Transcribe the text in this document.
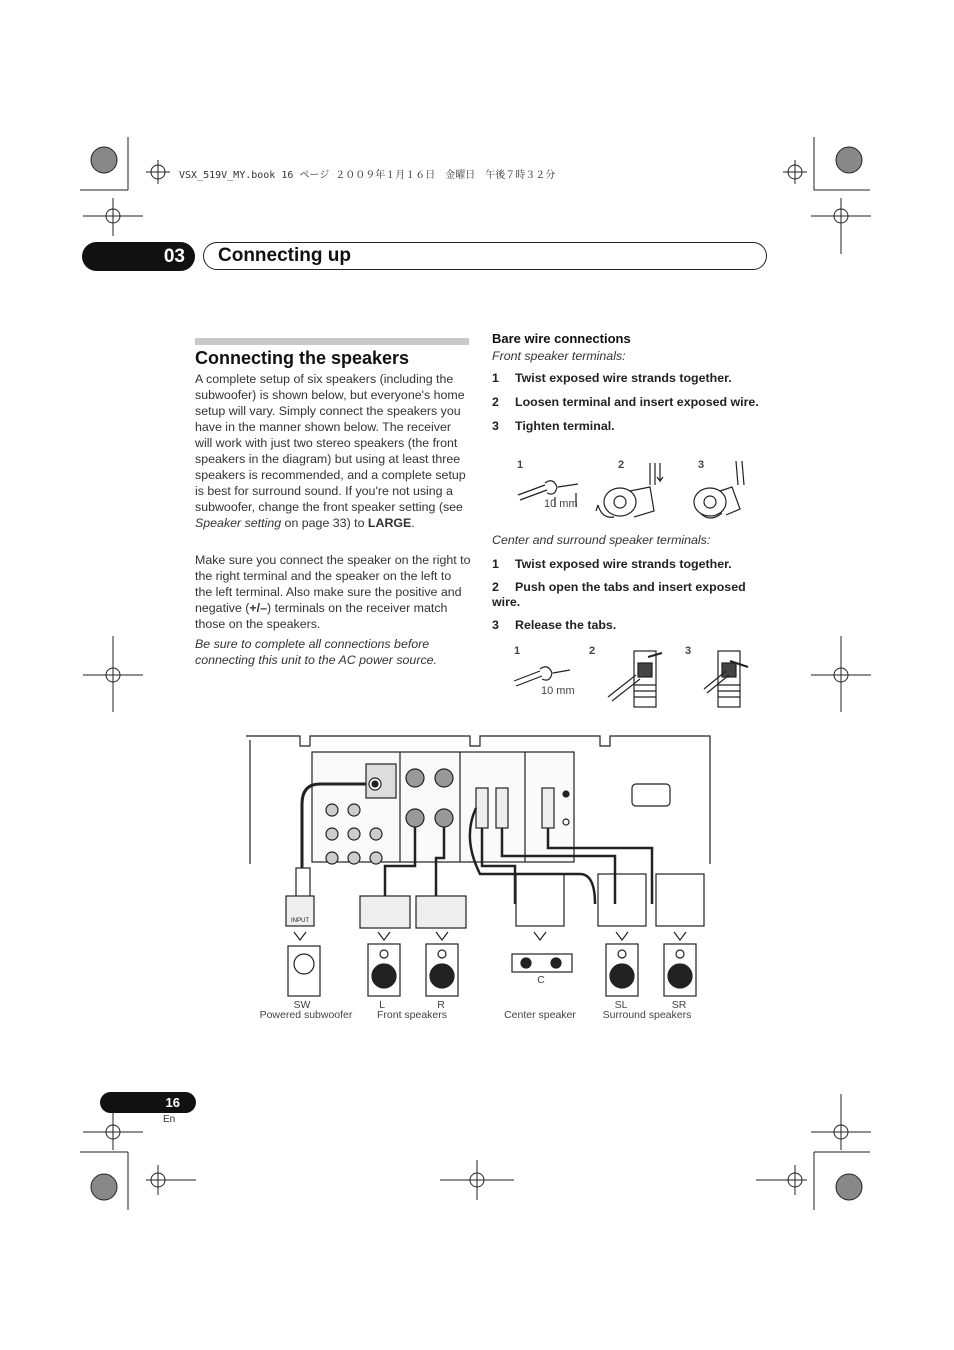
VSX_519V_MY.book 16 ページ ２００９年１月１６日　金曜日　午後７時３２分
03	Connecting up
Connecting the speakers
A complete setup of six speakers (including the subwoofer) is shown below, but everyone's home setup will vary. Simply connect the speakers you have in the manner shown below. The receiver will work with just two stereo speakers (the front speakers in the diagram) but using at least three speakers is recommended, and a complete setup is best for surround sound. If you're not using a subwoofer, change the front speaker setting (see Speaker setting on page 33) to LARGE.
Make sure you connect the speaker on the right to the right terminal and the speaker on the left to the left terminal. Also make sure the positive and negative (+/–) terminals on the receiver match those on the speakers.
Be sure to complete all connections before connecting this unit to the AC power source.
Bare wire connections
Front speaker terminals:
1 Twist exposed wire strands together.
2 Loosen terminal and insert exposed wire.
3 Tighten terminal.
1	2	3
10 mm
Center and surround speaker terminals:
1 Twist exposed wire strands together.
2 Push open the tabs and insert exposed wire.
3 Release the tabs.
1	2	3
10 mm
INPUT
SW	L	R
C
SL	SR
Powered subwoofer	Front speakers	Center speaker	Surround speakers
16
En
